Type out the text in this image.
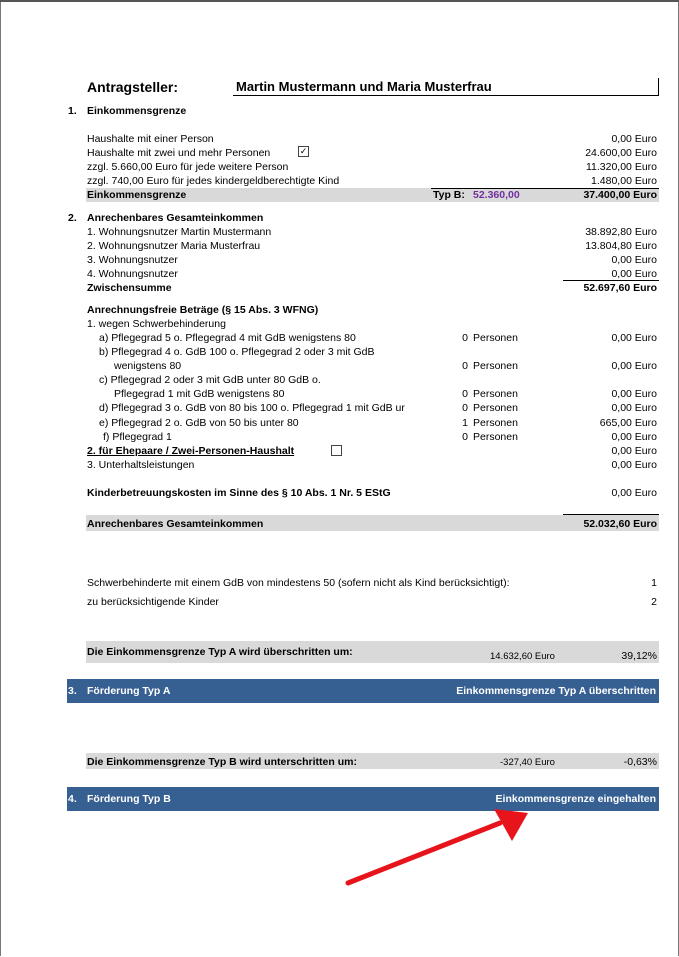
Antragsteller:	Martin Mustermann und Maria Musterfrau
1. Einkommensgrenze
Haushalte mit einer Person	0,00 Euro
Haushalte mit zwei und mehr Personen	✓	24.600,00 Euro
zzgl. 5.660,00 Euro für jede weitere Person	11.320,00 Euro
zzgl. 740,00 Euro für jedes kindergeldberechtigte Kind	1.480,00 Euro
Einkommensgrenze	Typ B: 52.360,00	37.400,00 Euro
2. Anrechenbares Gesamteinkommen
1. Wohnungsnutzer Martin Mustermann	38.892,80 Euro
2. Wohnungsnutzer Maria Musterfrau	13.804,80 Euro
3. Wohnungsnutzer	0,00 Euro
4. Wohnungsnutzer	0,00 Euro
Zwischensumme	52.697,60 Euro
Anrechnungsfreie Beträge (§ 15 Abs. 3 WFNG)
1. wegen Schwerbehinderung
a) Pflegegrad 5 o. Pflegegrad 4 mit GdB wenigstens 80	0 Personen	0,00 Euro
b) Pflegegrad 4 o. GdB 100 o. Pflegegrad 2 oder 3 mit GdB
wenigstens 80	0 Personen	0,00 Euro
c) Pflegegrad 2 oder 3 mit GdB unter 80 GdB o.
Pflegegrad 1 mit GdB wenigstens 80	0 Personen	0,00 Euro
d) Pflegegrad 3 o. GdB von 80 bis 100 o. Pflegegrad 1 mit GdB ur	0 Personen	0,00 Euro
e) Pflegegrad 2 o. GdB von 50 bis unter 80	1 Personen	665,00 Euro
f) Pflegegrad 1	0 Personen	0,00 Euro
2. für Ehepaare / Zwei-Personen-Haushalt	0,00 Euro
3. Unterhaltsleistungen	0,00 Euro
Kinderbetreuungskosten im Sinne des § 10 Abs. 1 Nr. 5 EStG	0,00 Euro
Anrechenbares Gesamteinkommen	52.032,60 Euro
Schwerbehinderte mit einem GdB von mindestens 50 (sofern nicht als Kind berücksichtigt):	1
zu berücksichtigende Kinder	2
Die Einkommensgrenze Typ A wird überschritten um:	14.632,60 Euro	39,12%
3. Förderung Typ A	Einkommensgrenze Typ A überschritten
Die Einkommensgrenze Typ B wird unterschritten um:	-327,40 Euro	-0,63%
4. Förderung Typ B	Einkommensgrenze eingehalten
